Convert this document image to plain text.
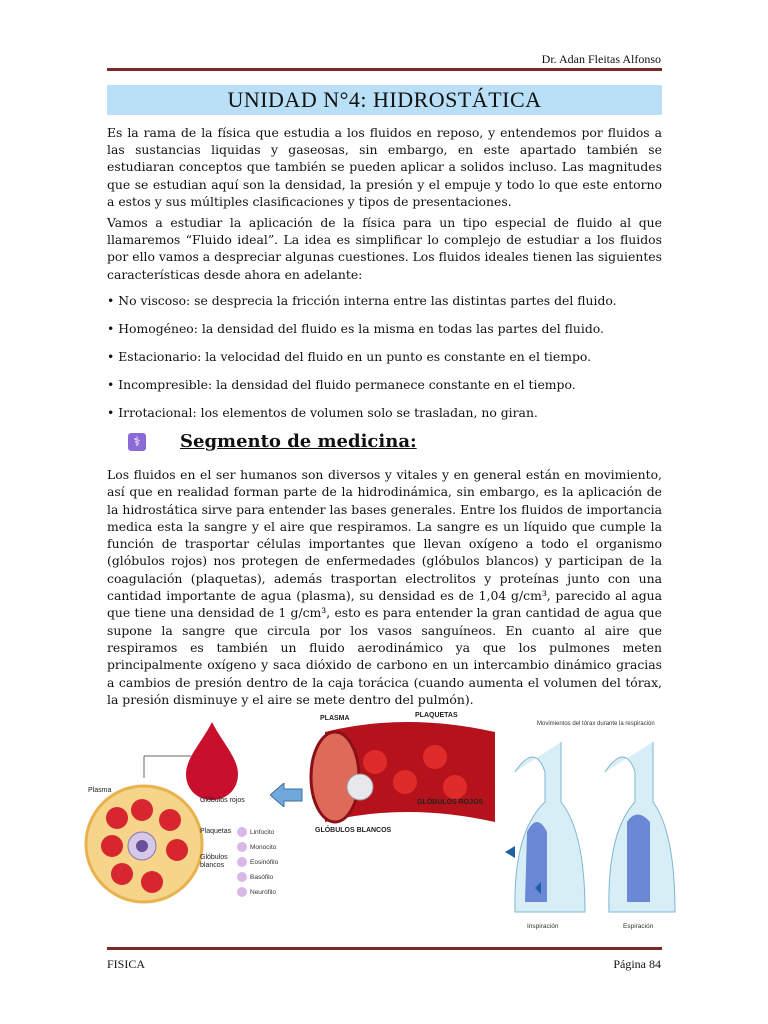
Dr. Adan Fleitas Alfonso
UNIDAD N°4: HIDROSTÁTICA
Es la rama de la física que estudia a los fluidos en reposo, y entendemos por fluidos a las sustancias liquidas y gaseosas, sin embargo, en este apartado también se estudiaran conceptos que también se pueden aplicar a solidos incluso. Las magnitudes que se estudian aquí son la densidad, la presión y el empuje y todo lo que este entorno a estos y sus múltiples clasificaciones y tipos de presentaciones.
Vamos a estudiar la aplicación de la física para un tipo especial de fluido al que llamaremos “Fluido ideal”. La idea es simplificar lo complejo de estudiar a los fluidos por ello vamos a despreciar algunas cuestiones. Los fluidos ideales tienen las siguientes características desde ahora en adelante:
• No viscoso: se desprecia la fricción interna entre las distintas partes del fluido.
• Homogéneo: la densidad del fluido es la misma en todas las partes del fluido.
• Estacionario: la velocidad del fluido en un punto es constante en el tiempo.
• Incompresible: la densidad del fluido permanece constante en el tiempo.
• Irrotacional: los elementos de volumen solo se trasladan, no giran.
⚕	Segmento de medicina:
Los fluidos en el ser humanos son diversos y vitales y en general están en movimiento, así que en realidad forman parte de la hidrodinámica, sin embargo, es la aplicación de la hidrostática sirve para entender las bases generales. Entre los fluidos de importancia medica esta la sangre y el aire que respiramos. La sangre es un líquido que cumple la función de trasportar células importantes que llevan oxígeno a todo el organismo (glóbulos rojos) nos protegen de enfermedades (glóbulos blancos) y participan de la coagulación (plaquetas), además trasportan electrolitos y proteínas junto con una cantidad importante de agua (plasma), su densidad es de 1,04 g/cm³, parecido al agua que tiene una densidad de 1 g/cm³, esto es para entender la gran cantidad de agua que supone la sangre que circula por los vasos sanguíneos. En cuanto al aire que respiramos es también un fluido aerodinámico ya que los pulmones meten principalmente oxígeno y saca dióxido de carbono en un intercambio dinámico gracias a cambios de presión dentro de la caja torácica (cuando aumenta el volumen del tórax, la presión disminuye y el aire se mete dentro del pulmón).
Plasma
Glóbulos rojos
Plaquetas
Glóbulos
blancos
Linfocito
Monocito
Eosinófilo
Basófilo
Neurófilo
PLASMA	PLAQUETAS
GLÓBULOS ROJOS
GLÓBULOS BLANCOS
Movimientos del tórax durante la respiración
Inspiración	Espiración
FISICA	Página 84
